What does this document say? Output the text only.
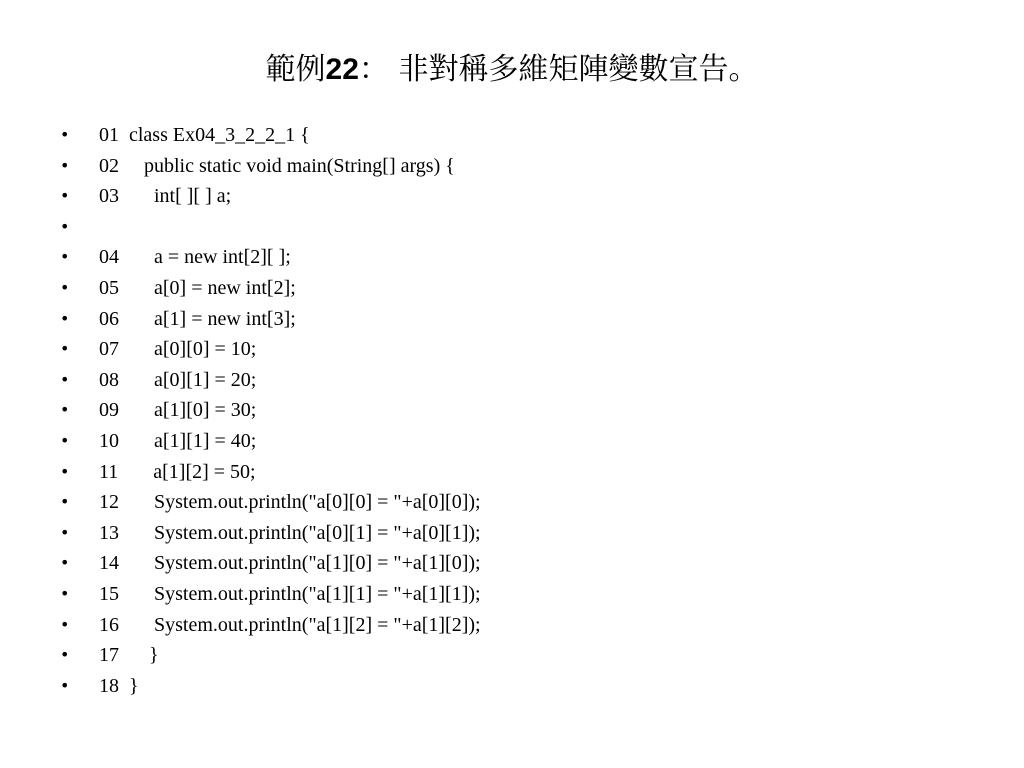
範例22： 非對稱多維矩陣變數宣告。
• 01  class Ex04_3_2_2_1 {
• 02     public static void main(String[] args) {
• 03       int[ ][ ] a;
•
• 04       a = new int[2][ ];
• 05       a[0] = new int[2];
• 06       a[1] = new int[3];
• 07       a[0][0] = 10;
• 08       a[0][1] = 20;
• 09       a[1][0] = 30;
• 10       a[1][1] = 40;
• 11       a[1][2] = 50;
• 12       System.out.println("a[0][0] = "+a[0][0]);
• 13       System.out.println("a[0][1] = "+a[0][1]);
• 14       System.out.println("a[1][0] = "+a[1][0]);
• 15       System.out.println("a[1][1] = "+a[1][1]);
• 16       System.out.println("a[1][2] = "+a[1][2]);
• 17      }
• 18  }
